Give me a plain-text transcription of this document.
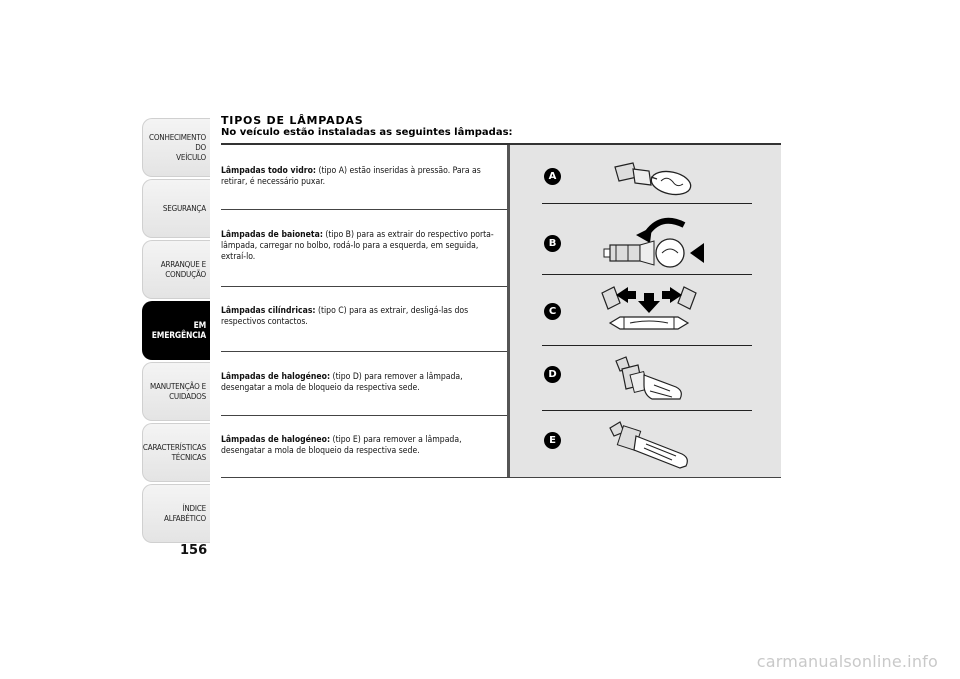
CONHECIMENTO DO
VEÍCULO
SEGURANÇA
ARRANQUE E
CONDUÇÃO
EM EMERGÊNCIA
MANUTENÇÃO E
CUIDADOS
CARACTERÍSTICAS
TÉCNICAS
ÍNDICE ALFABÉTICO
156
TIPOS DE LÂMPADAS
No veículo estão instaladas as seguintes lâmpadas:

Lâmpadas todo vidro: (tipo A) estão inseridas à pressão. Para as retirar, é necessário puxar.

Lâmpadas de baioneta: (tipo B) para as extrair do respectivo porta-lâmpada, carregar no bolbo, rodá-lo para a esquerda, em seguida, extraí-lo.

Lâmpadas cilíndricas: (tipo C) para as extrair, desligá-las dos respectivos contactos.

Lâmpadas de halogéneo: (tipo D) para remover a lâmpada, desengatar a mola de bloqueio da respectiva sede.

Lâmpadas de halogéneo: (tipo E) para remover a lâmpada, desengatar a mola de bloqueio da respectiva sede.

A
B
C
D
E
carmanualsonline.info
